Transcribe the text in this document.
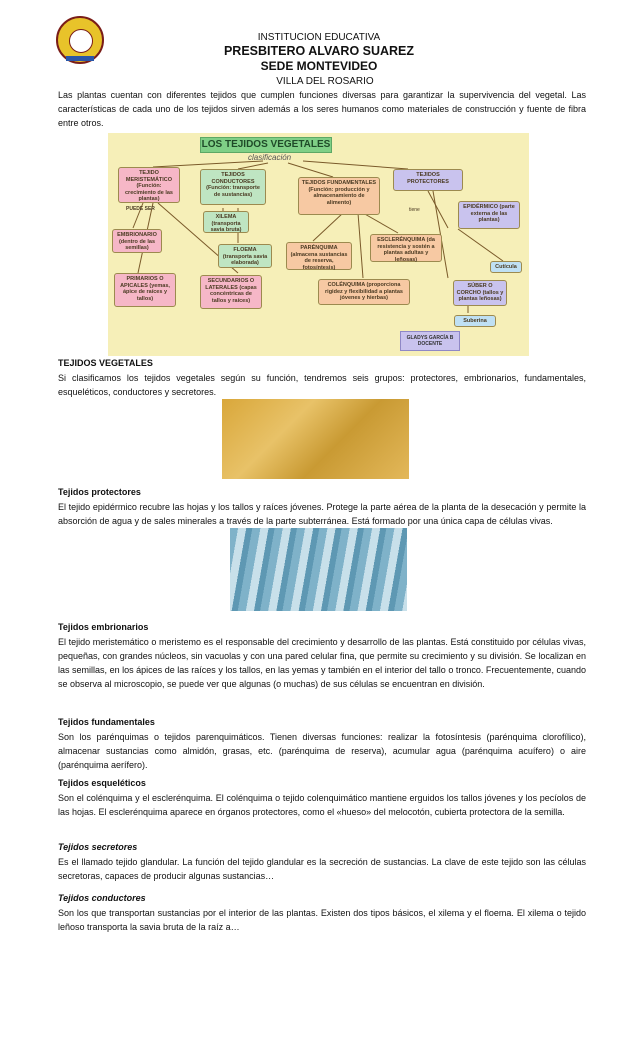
INSTITUCION EDUCATIVA
PRESBITERO ALVARO SUAREZ
SEDE MONTEVIDEO
VILLA DEL ROSARIO
Las plantas cuentan con diferentes tejidos que cumplen funciones diversas para garantizar la supervivencia del vegetal. Las características de cada uno de los tejidos sirven además a los seres humanos como materiales de construcción y fuente de fibra entre otros.
LOS TEJIDOS VEGETALES
clasificación
TEJIDO MERISTEMÁTICO (Función: crecimiento de las plantas)
TEJIDOS CONDUCTORES (Función: transporte de sustancias)
TEJIDOS FUNDAMENTALES (Función: producción y almacenamiento de alimento)
TEJIDOS PROTECTORES
PUEDE SER	tiene
EMBRIONARIO (dentro de las semillas)
XILEMA (transporta savia bruta)
FLOEMA (transporta savia elaborada)
PARÉNQUIMA (almacena sustancias de reserva, fotosíntesis)
ESCLERÉNQUIMA (da resistencia y sostén a plantas adultas y leñosas)
EPIDÉRMICO (parte externa de las plantas)
PRIMARIOS O APICALES (yemas, ápice de raíces y tallos)
SECUNDARIOS O LATERALES (capas concéntricas de tallos y raíces)
COLÉNQUIMA (proporciona rigidez y flexibilidad a plantas jóvenes y hierbas)
SÚBER O CORCHO (tallos y plantas leñosas)
Cutícula
Suberina
GLADYS GARCÍA B DOCENTE
TEJIDOS VEGETALES
Si clasificamos los tejidos vegetales según su función, tendremos seis grupos: protectores, embrionarios, fundamentales, esqueléticos, conductores y secretores.
Tejidos protectores
El tejido epidérmico recubre las hojas y los tallos y raíces jóvenes. Protege la parte aérea de la planta de la desecación y permite la absorción de agua y de sales minerales a través de la parte subterránea. Está formado por una única capa de células vivas.
Tejidos embrionarios
El tejido meristemático o meristemo es el responsable del crecimiento y desarrollo de las plantas. Está constituido por células vivas, pequeñas, con grandes núcleos, sin vacuolas y con una pared celular fina, que permite su crecimiento y su división. Se localizan en las semillas, en los ápices de las raíces y los tallos, en las yemas y también en el interior del tallo o tronco. Frecuentemente, cuando se observa al microscopio, se puede ver que algunas (o muchas) de sus células se encuentran en división.
Tejidos fundamentales
Son los parénquimas o tejidos parenquimáticos. Tienen diversas funciones: realizar la fotosíntesis (parénquima clorofílico), almacenar sustancias como almidón, grasas, etc. (parénquima de reserva), acumular agua (parénquima acuífero) o aire (parénquima aerífero).
Tejidos esqueléticos
Son el colénquima y el esclerénquima. El colénquima o tejido colenquimático mantiene erguidos los tallos jóvenes y los pecíolos de las hojas. El esclerénquima aparece en órganos protectores, como el «hueso» del melocotón, cubierta protectora de la semilla.
Tejidos secretores
Es el llamado tejido glandular. La función del tejido glandular es la secreción de sustancias. La clave de este tejido son las células secretoras, capaces de producir algunas sustancias…
Tejidos conductores
Son los que transportan sustancias por el interior de las plantas. Existen dos tipos básicos, el xilema y el floema. El xilema o tejido leñoso transporta la savia bruta de la raíz a…
